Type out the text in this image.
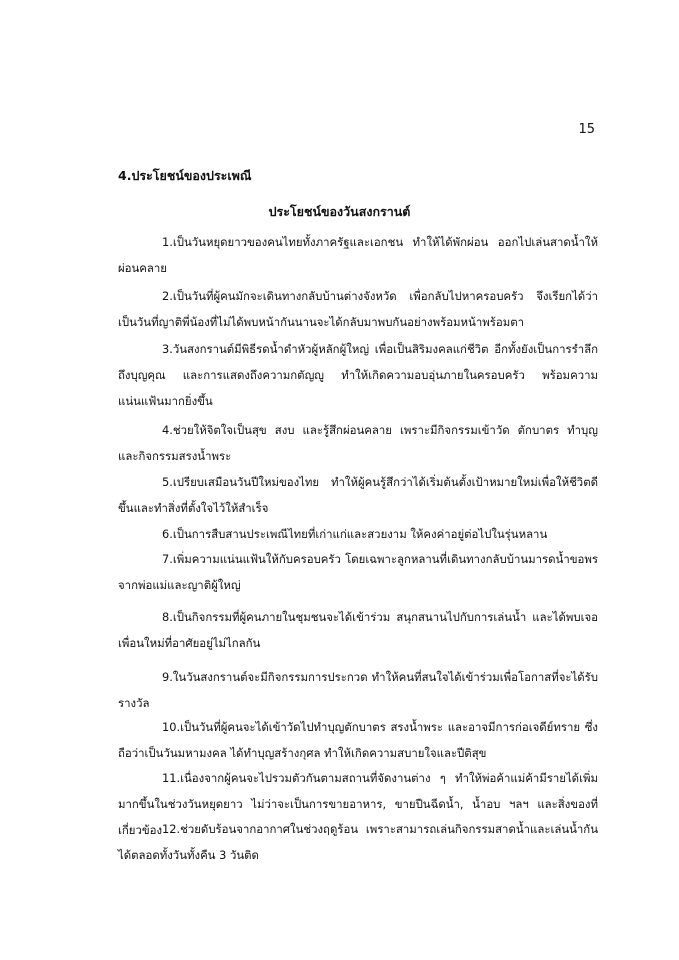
15
4.ประโยชน์ของประเพณี
ประโยชน์ของวันสงกรานต์
1.เป็นวันหยุดยาวของคนไทยทั้งภาครัฐและเอกชน ทำให้ได้พักผ่อน ออกไปเล่นสาดน้ำให้ผ่อนคลาย
2.เป็นวันที่ผู้คนมักจะเดินทางกลับบ้านต่างจังหวัด เพื่อกลับไปหาครอบครัว จึงเรียกได้ว่าเป็นวันที่ญาติพี่น้องที่ไม่ได้พบหน้ากันนานจะได้กลับมาพบกันอย่างพร้อมหน้าพร้อมตา
3.วันสงกรานต์มีพิธีรดน้ำดำหัวผู้หลักผู้ใหญ่ เพื่อเป็นสิริมงคลแก่ชีวิต อีกทั้งยังเป็นการรำลึกถึงบุญคุณ และการแสดงถึงความกตัญญู ทำให้เกิดความอบอุ่นภายในครอบครัว พร้อมความแน่นแฟ้นมากยิ่งขึ้น
4.ช่วยให้จิตใจเป็นสุข สงบ และรู้สึกผ่อนคลาย เพราะมีกิจกรรมเข้าวัด ตักบาตร ทำบุญ และกิจกรรมสรงน้ำพระ
5.เปรียบเสมือนวันปีใหม่ของไทย ทำให้ผู้คนรู้สึกว่าได้เริ่มต้นตั้งเป้าหมายใหม่เพื่อให้ชีวิตดีขึ้นและทำสิ่งที่ตั้งใจไว้ให้สำเร็จ
6.เป็นการสืบสานประเพณีไทยที่เก่าแก่และสวยงาม ให้คงค่าอยู่ต่อไปในรุ่นหลาน
7.เพิ่มความแน่นแฟ้นให้กับครอบครัว โดยเฉพาะลูกหลานที่เดินทางกลับบ้านมารดน้ำขอพรจากพ่อแม่และญาติผู้ใหญ่
8.เป็นกิจกรรมที่ผู้คนภายในชุมชนจะได้เข้าร่วม สนุกสนานไปกับการเล่นน้ำ และได้พบเจอเพื่อนใหม่ที่อาศัยอยู่ไม่ไกลกัน
9.ในวันสงกรานต์จะมีกิจกรรมการประกวด ทำให้คนที่สนใจได้เข้าร่วมเพื่อโอกาสที่จะได้รับรางวัล
10.เป็นวันที่ผู้คนจะได้เข้าวัดไปทำบุญตักบาตร สรงน้ำพระ และอาจมีการก่อเจดีย์ทราย ซึ่งถือว่าเป็นวันมหามงคล ได้ทำบุญสร้างกุศล ทำให้เกิดความสบายใจและปีติสุข
11.เนื่องจากผู้คนจะไปรวมตัวกันตามสถานที่จัดงานต่าง ๆ ทำให้พ่อค้าแม่ค้ามีรายได้เพิ่มมากขึ้นในช่วงวันหยุดยาว ไม่ว่าจะเป็นการขายอาหาร, ขายปืนฉีดน้ำ, น้ำอบ ฯลฯ และสิ่งของที่เกี่ยวข้อง 12.ช่วยดับร้อนจากอากาศในช่วงฤดูร้อน เพราะสามารถเล่นกิจกรรมสาดน้ำและเล่นน้ำกันได้ตลอดทั้งวันทั้งคืน 3 วันติด
